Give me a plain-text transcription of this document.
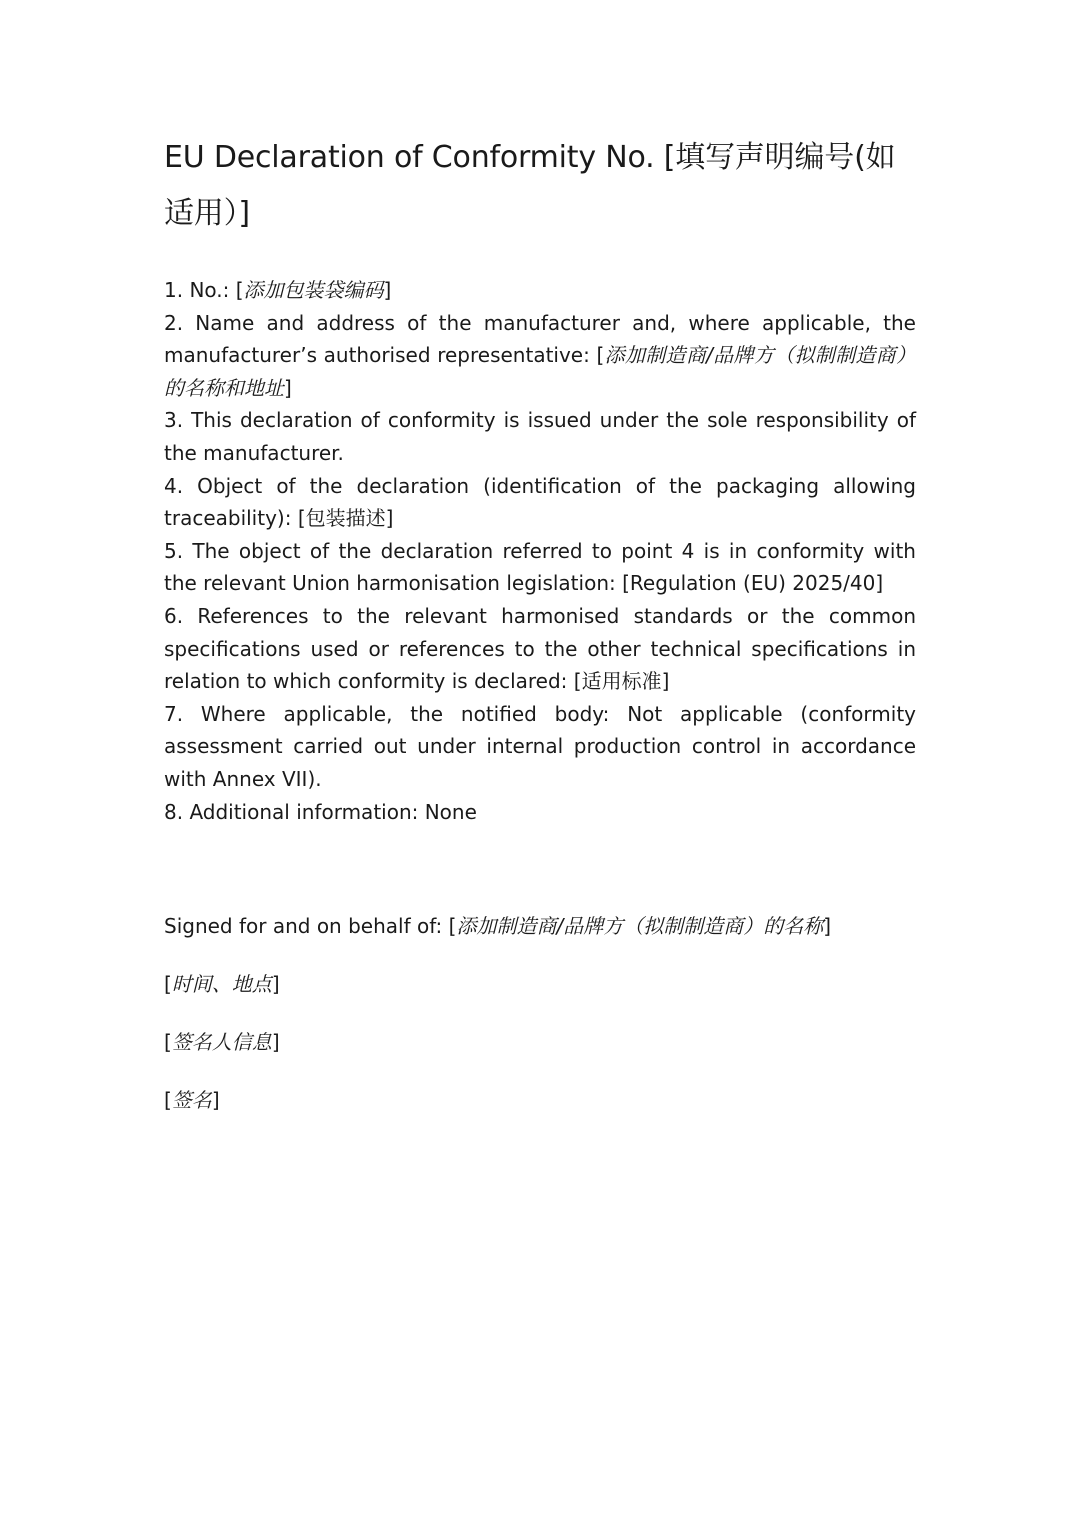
EU Declaration of Conformity No. [填写声明编号(如适用）]

1. No.: [添加包装袋编码]

2. Name and address of the manufacturer and, where applicable, the manufacturer’s authorised representative: [添加制造商/品牌方（拟制制造商）的名称和地址]

3. This declaration of conformity is issued under the sole responsibility of the manufacturer.

4. Object of the declaration (identification of the packaging allowing traceability): [包装描述]

5. The object of the declaration referred to point 4 is in conformity with the relevant Union harmonisation legislation: [Regulation (EU) 2025/40]

6. References to the relevant harmonised standards or the common specifications used or references to the other technical specifications in relation to which conformity is declared: [适用标准]

7. Where applicable, the notified body: Not applicable (conformity assessment carried out under internal production control in accordance with Annex VII).

8. Additional information: None

Signed for and on behalf of: [添加制造商/品牌方（拟制制造商）的名称]

[时间、地点]

[签名人信息]

[签名]
